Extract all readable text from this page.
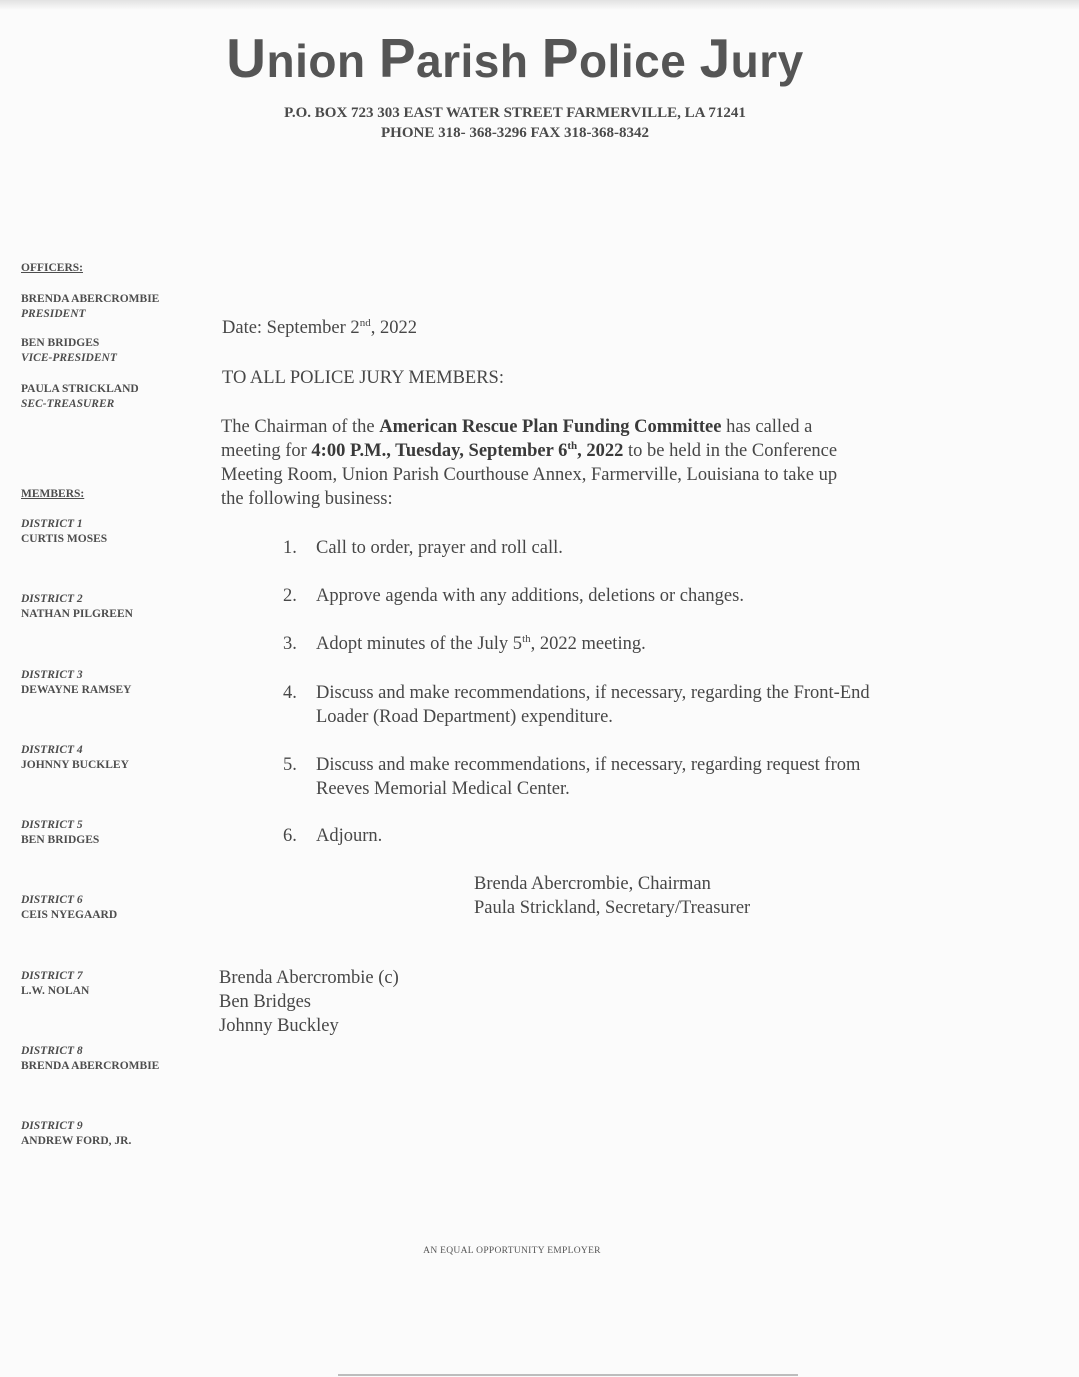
Union Parish Police Jury
P.O. BOX 723 303 EAST WATER STREET FARMERVILLE, LA 71241
PHONE 318- 368-3296 FAX 318-368-8342
OFFICERS:
BRENDA ABERCROMBIE
PRESIDENT
BEN BRIDGES
VICE-PRESIDENT
PAULA STRICKLAND
SEC-TREASURER
MEMBERS:
DISTRICT 1
CURTIS MOSES
DISTRICT 2
NATHAN PILGREEN
DISTRICT 3
DEWAYNE RAMSEY
DISTRICT 4
JOHNNY BUCKLEY
DISTRICT 5
BEN BRIDGES
DISTRICT 6
CEIS NYEGAARD
DISTRICT 7
L.W. NOLAN
DISTRICT 8
BRENDA ABERCROMBIE
DISTRICT 9
ANDREW FORD, JR.
Date: September 2nd, 2022
TO ALL POLICE JURY MEMBERS:
The Chairman of the American Rescue Plan Funding Committee has called a
meeting for 4:00 P.M., Tuesday, September 6th, 2022 to be held in the Conference
Meeting Room, Union Parish Courthouse Annex, Farmerville, Louisiana to take up
the following business:
1. Call to order, prayer and roll call.
2. Approve agenda with any additions, deletions or changes.
3. Adopt minutes of the July 5th, 2022 meeting.
4. Discuss and make recommendations, if necessary, regarding the Front-End
Loader (Road Department) expenditure.
5. Discuss and make recommendations, if necessary, regarding request from
Reeves Memorial Medical Center.
6. Adjourn.
Brenda Abercrombie, Chairman
Paula Strickland, Secretary/Treasurer
Brenda Abercrombie (c)
Ben Bridges
Johnny Buckley
AN EQUAL OPPORTUNITY EMPLOYER
